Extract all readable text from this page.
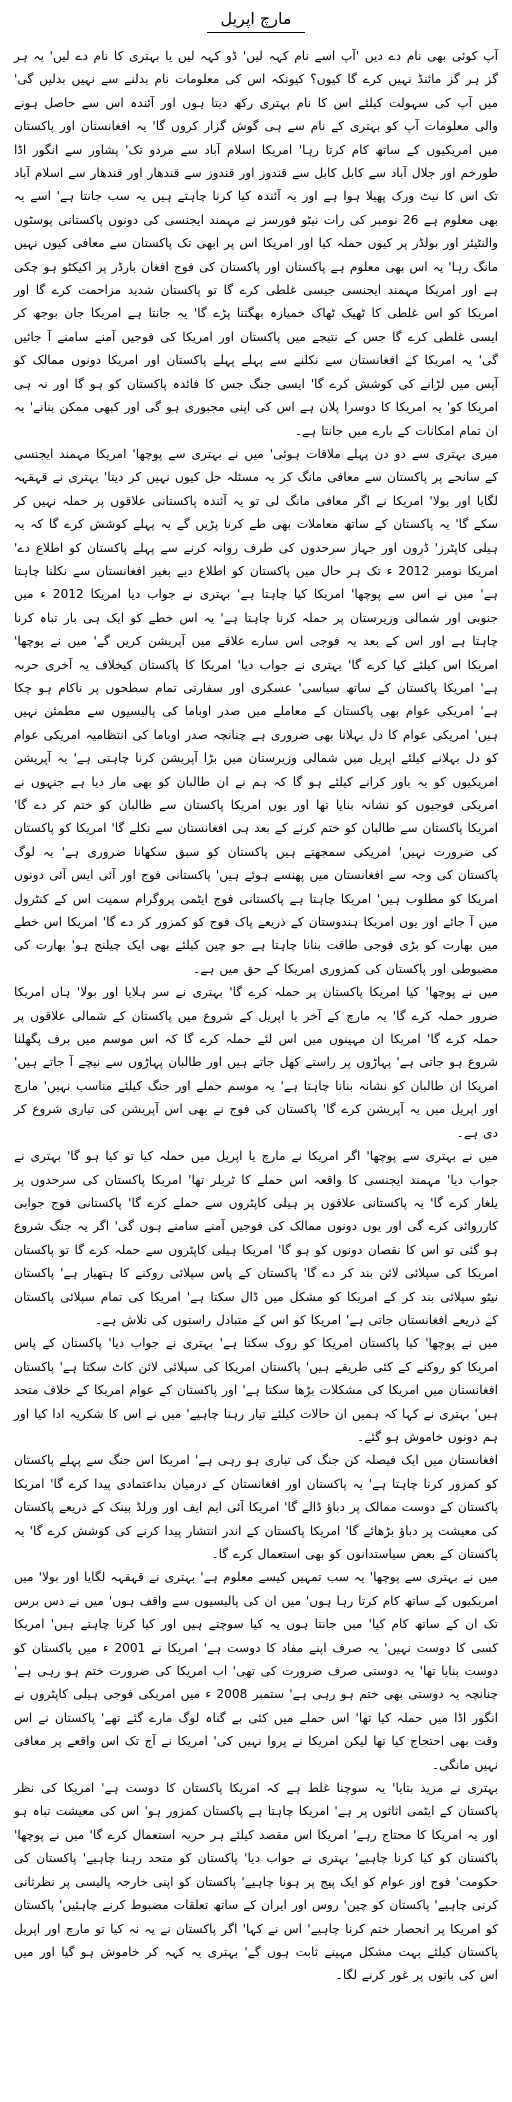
مارچ اپریل

آپ کوئی بھی نام دے دیں 'آپ اسے نام کہہ لیں' ڈو کہہ لیں یا بہتری کا نام دے لیں' یہ ہر گز ہر گز مائنڈ نہیں کرے گا کیوں؟ کیونکہ اس کی معلومات نام بدلنے سے نہیں بدلیں گی' میں آپ کی سہولت کیلئے اس کا نام بہتری رکھ دیتا ہوں اور آئندہ اس سے حاصل ہونے والی معلومات آپ کو بہتری کے نام سے ہی گوش گزار کروں گا' یہ افغانستان اور پاکستان میں امریکیوں کے ساتھ کام کرتا رہا' امریکا اسلام آباد سے مردو تک' پشاور سے انگور اڈا طورخم اور جلال آباد سے کابل کابل سے قندوز اور قندوز سے قندھار اور قندھار سے اسلام آباد تک اس کا نیٹ ورک پھیلا ہوا ہے اور یہ آئندہ کیا کرنا چاہتے ہیں یہ سب جانتا ہے' اسے یہ بھی معلوم ہے 26 نومبر کی رات نیٹو فورسز نے مہمند ایجنسی کی دونوں پاکستانی پوسٹوں والنٹیئر اور بولڈر پر کیوں حملہ کیا اور امریکا اس پر ابھی تک پاکستان سے معافی کیوں نہیں مانگ رہا' یہ اس بھی معلوم ہے پاکستان اور پاکستان کی فوج افغان بارڈر پر اکیکٹو ہو چکی ہے اور امریکا مہمند ایجنسی جیسی غلطی کرے گا تو پاکستان شدید مزاحمت کرے گا اور امریکا کو اس غلطی کا ٹھیک ٹھاک خمیازہ بھگتنا پڑے گا' یہ جانتا ہے امریکا جان بوجھ کر ایسی غلطی کرے گا جس کے نتیجے میں پاکستان اور امریکا کی فوجیں آمنے سامنے آ جائیں گی' یہ امریکا کے افغانستان سے نکلنے سے پہلے پہلے پاکستان اور امریکا دونوں ممالک کو آپس میں لڑانے کی کوشش کرے گا' ایسی جنگ جس کا فائدہ پاکستان کو ہو گا اور نہ ہی امریکا کو' یہ امریکا کا دوسرا پلان ہے اس کی اپنی مجبوری ہو گی اور کبھی ممکن بنانے' یہ ان تمام امکانات کے بارے میں جانتا ہے۔

میری بہتری سے دو دن پہلے ملاقات ہوئی' میں نے بہتری سے پوچھا' امریکا مہمند ایجنسی کے سانحے پر پاکستان سے معافی مانگ کر یہ مسئلہ حل کیوں نہیں کر دیتا' بہتری نے قہقہہ لگایا اور بولا' امریکا نے اگر معافی مانگ لی تو یہ آئندہ پاکستانی علاقوں پر حملہ نہیں کر سکے گا' یہ پاکستان کے ساتھ معاملات بھی طے کرنا پڑیں گے یہ پہلے کوشش کرے گا کہ یہ ہیلی کاپٹرز' ڈرون اور جہاز سرحدوں کی طرف روانہ کرنے سے پہلے پاکستان کو اطلاع دے' امریکا نومبر 2012 ء تک ہر حال میں پاکستان کو اطلاع دیے بغیر افغانستان سے نکلنا چاہتا ہے' میں نے اس سے پوچھا' امریکا کیا چاہتا ہے' بہتری نے جواب دیا امریکا 2012 ء میں جنوبی اور شمالی وزیرستان پر حملہ کرنا چاہتا ہے' یہ اس خطے کو ایک ہی بار تباہ کرنا چاہتا ہے اور اس کے بعد یہ فوجی اس سارے علاقے میں آپریشن کریں گے' میں نے پوچھا' امریکا اس کیلئے کیا کرے گا' بہتری نے جواب دیا' امریکا کا پاکستان کیخلاف یہ آخری حربہ ہے' امریکا پاکستان کے ساتھ سیاسی' عسکری اور سفارتی تمام سطحوں پر ناکام ہو چکا ہے' امریکی عوام بھی پاکستان کے معاملے میں صدر اوباما کی پالیسیوں سے مطمئن نہیں ہیں' امریکی عوام کا دل بہلانا بھی ضروری ہے چنانچہ صدر اوباما کی انتظامیہ امریکی عوام کو دل بہلانے کیلئے اپریل میں شمالی وزیرستان میں بڑا آپریشن کرنا چاہتی ہے' یہ آپریشن امریکیوں کو یہ باور کرانے کیلئے ہو گا کہ ہم نے ان طالبان کو بھی مار دیا ہے جنہوں نے امریکی فوجیوں کو نشانہ بنایا تھا اور یوں امریکا پاکستان سے طالبان کو ختم کر دے گا' امریکا پاکستان سے طالبان کو ختم کرنے کے بعد ہی افغانستان سے نکلے گا' امریکا کو پاکستان کی ضرورت نہیں' امریکی سمجھتے ہیں پاکستان کو سبق سکھانا ضروری ہے' یہ لوگ پاکستان کی وجہ سے افغانستان میں پھنسے ہوئے ہیں' پاکستانی فوج اور آئی ایس آئی دونوں امریکا کو مطلوب ہیں' امریکا چاہتا ہے پاکستانی فوج ایٹمی پروگرام سمیت اس کے کنٹرول میں آ جائے اور یوں امریکا ہندوستان کے ذریعے پاک فوج کو کمزور کر دے گا' امریکا اس خطے میں بھارت کو بڑی فوجی طاقت بنانا چاہتا ہے جو چین کیلئے بھی ایک چیلنج ہو' بھارت کی مضبوطی اور پاکستان کی کمزوری امریکا کے حق میں ہے۔

میں نے پوچھا' کیا امریکا پاکستان پر حملہ کرے گا' بہتری نے سر ہلایا اور بولا' ہاں امریکا ضرور حملہ کرے گا' یہ مارچ کے آخر یا اپریل کے شروع میں پاکستان کے شمالی علاقوں پر حملہ کرے گا' امریکا ان مہینوں میں اس لئے حملہ کرے گا کہ اس موسم میں برف پگھلنا شروع ہو جاتی ہے' پہاڑوں پر راستے کھل جاتے ہیں اور طالبان پہاڑوں سے نیچے آ جاتے ہیں' امریکا ان طالبان کو نشانہ بنانا چاہتا ہے' یہ موسم حملے اور جنگ کیلئے مناسب نہیں' مارچ اور اپریل میں یہ آپریشن کرے گا' پاکستان کی فوج نے بھی اس آپریشن کی تیاری شروع کر دی ہے۔

میں نے بہتری سے پوچھا' اگر امریکا نے مارچ یا اپریل میں حملہ کیا تو کیا ہو گا' بہتری نے جواب دیا' مہمند ایجنسی کا واقعہ اس حملے کا ٹریلر تھا' امریکا پاکستان کی سرحدوں پر یلغار کرے گا' یہ پاکستانی علاقوں پر ہیلی کاپٹروں سے حملے کرے گا' پاکستانی فوج جوابی کارروائی کرے گی اور یوں دونوں ممالک کی فوجیں آمنے سامنے ہوں گی' اگر یہ جنگ شروع ہو گئی تو اس کا نقصان دونوں کو ہو گا' امریکا ہیلی کاپٹروں سے حملہ کرے گا تو پاکستان امریکا کی سپلائی لائن بند کر دے گا' پاکستان کے پاس سپلائی روکنے کا ہتھیار ہے' پاکستان نیٹو سپلائی بند کر کے امریکا کو مشکل میں ڈال سکتا ہے' امریکا کی تمام سپلائی پاکستان کے ذریعے افغانستان جاتی ہے' امریکا کو اس کے متبادل راستوں کی تلاش ہے۔

میں نے پوچھا' کیا پاکستان امریکا کو روک سکتا ہے' بہتری نے جواب دیا' پاکستان کے پاس امریکا کو روکنے کے کئی طریقے ہیں' پاکستان امریکا کی سپلائی لائن کاٹ سکتا ہے' پاکستان افغانستان میں امریکا کی مشکلات بڑھا سکتا ہے' اور پاکستان کے عوام امریکا کے خلاف متحد ہیں' بہتری نے کہا کہ ہمیں ان حالات کیلئے تیار رہنا چاہیے' میں نے اس کا شکریہ ادا کیا اور ہم دونوں خاموش ہو گئے۔

افغانستان میں ایک فیصلہ کن جنگ کی تیاری ہو رہی ہے' امریکا اس جنگ سے پہلے پاکستان کو کمزور کرنا چاہتا ہے' یہ پاکستان اور افغانستان کے درمیان بداعتمادی پیدا کرے گا' امریکا پاکستان کے دوست ممالک پر دباؤ ڈالے گا' امریکا آئی ایم ایف اور ورلڈ بینک کے ذریعے پاکستان کی معیشت پر دباؤ بڑھائے گا' امریکا پاکستان کے اندر انتشار پیدا کرنے کی کوشش کرے گا' یہ پاکستان کے بعض سیاستدانوں کو بھی استعمال کرے گا۔

میں نے بہتری سے پوچھا' یہ سب تمہیں کیسے معلوم ہے' بہتری نے قہقہہ لگایا اور بولا' میں امریکیوں کے ساتھ کام کرتا رہا ہوں' میں ان کی پالیسیوں سے واقف ہوں' میں نے دس برس تک ان کے ساتھ کام کیا' میں جانتا ہوں یہ کیا سوچتے ہیں اور کیا کرنا چاہتے ہیں' امریکا کسی کا دوست نہیں' یہ صرف اپنے مفاد کا دوست ہے' امریکا نے 2001 ء میں پاکستان کو دوست بنایا تھا' یہ دوستی صرف ضرورت کی تھی' اب امریکا کی ضرورت ختم ہو رہی ہے' چنانچہ یہ دوستی بھی ختم ہو رہی ہے' ستمبر 2008 ء میں امریکی فوجی ہیلی کاپٹروں نے انگور اڈا میں حملہ کیا تھا' اس حملے میں کئی بے گناہ لوگ مارے گئے تھے' پاکستان نے اس وقت بھی احتجاج کیا تھا لیکن امریکا نے پروا نہیں کی' امریکا نے آج تک اس واقعے پر معافی نہیں مانگی۔

بہتری نے مزید بتایا' یہ سوچنا غلط ہے کہ امریکا پاکستان کا دوست ہے' امریکا کی نظر پاکستان کے ایٹمی اثاثوں پر ہے' امریکا چاہتا ہے پاکستان کمزور ہو' اس کی معیشت تباہ ہو اور یہ امریکا کا محتاج رہے' امریکا اس مقصد کیلئے ہر حربہ استعمال کرے گا' میں نے پوچھا' پاکستان کو کیا کرنا چاہیے' بہتری نے جواب دیا' پاکستان کو متحد رہنا چاہیے' پاکستان کی حکومت' فوج اور عوام کو ایک پیج پر ہونا چاہیے' پاکستان کو اپنی خارجہ پالیسی پر نظرثانی کرنی چاہیے' پاکستان کو چین' روس اور ایران کے ساتھ تعلقات مضبوط کرنے چاہئیں' پاکستان کو امریکا پر انحصار ختم کرنا چاہیے' اس نے کہا' اگر پاکستان نے یہ نہ کیا تو مارچ اور اپریل پاکستان کیلئے بہت مشکل مہینے ثابت ہوں گے' بہتری یہ کہہ کر خاموش ہو گیا اور میں اس کی باتوں پر غور کرنے لگا۔
